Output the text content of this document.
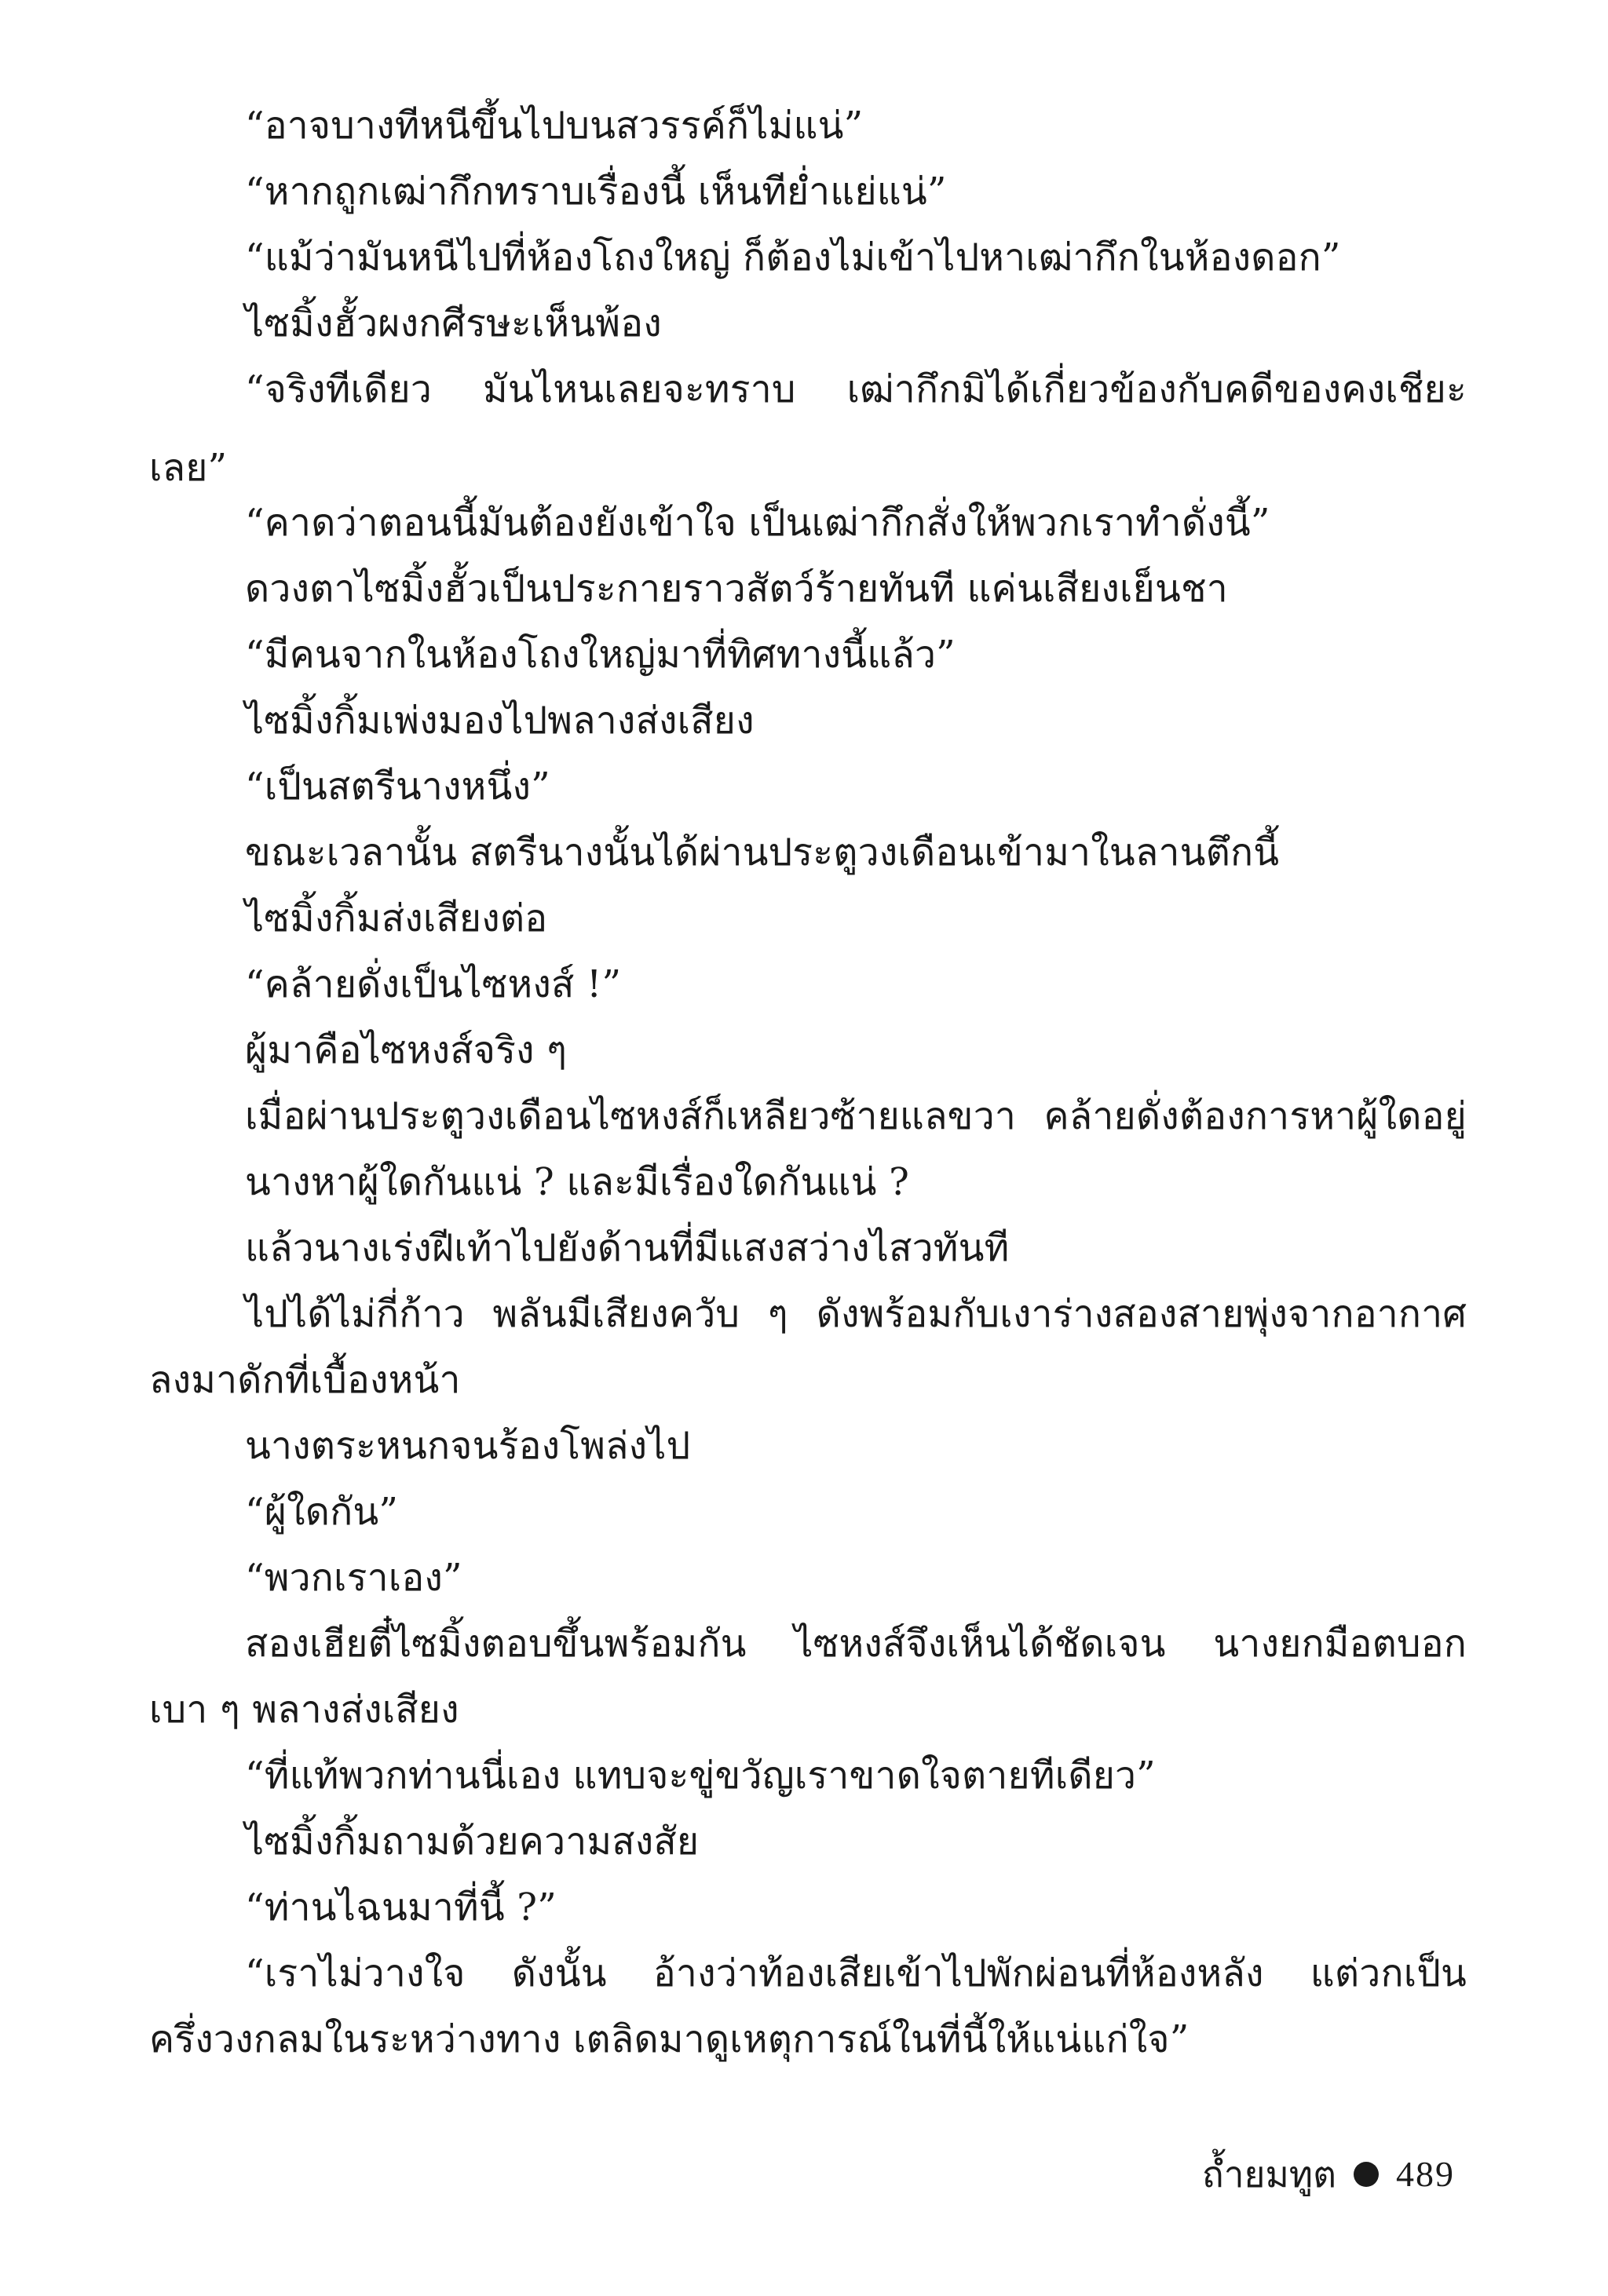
“อาจบางทีหนีขึ้นไปบนสวรรค์ก็ไม่แน่”
“หากถูกเฒ่ากึกทราบเรื่องนี้ เห็นทีย่ำแย่แน่”
“แม้ว่ามันหนีไปที่ห้องโถงใหญ่ ก็ต้องไม่เข้าไปหาเฒ่ากึกในห้องดอก”
ไซมิ้งฮั้วผงกศีรษะเห็นพ้อง
“จริงทีเดียว มันไหนเลยจะทราบ เฒ่ากึกมิได้เกี่ยวข้องกับคดีของคงเชียะ
เลย”
“คาดว่าตอนนี้มันต้องยังเข้าใจ เป็นเฒ่ากึกสั่งให้พวกเราทำดั่งนี้”
ดวงตาไซมิ้งฮั้วเป็นประกายราวสัตว์ร้ายทันที แค่นเสียงเย็นชา
“มีคนจากในห้องโถงใหญ่มาที่ทิศทางนี้แล้ว”
ไซมิ้งกิ้มเพ่งมองไปพลางส่งเสียง
“เป็นสตรีนางหนึ่ง”
ขณะเวลานั้น สตรีนางนั้นได้ผ่านประตูวงเดือนเข้ามาในลานตึกนี้
ไซมิ้งกิ้มส่งเสียงต่อ
“คล้ายดั่งเป็นไซหงส์ !”
ผู้มาคือไซหงส์จริง ๆ
เมื่อผ่านประตูวงเดือนไซหงส์ก็เหลียวซ้ายแลขวา คล้ายดั่งต้องการหาผู้ใดอยู่
นางหาผู้ใดกันแน่ ? และมีเรื่องใดกันแน่ ?
แล้วนางเร่งฝีเท้าไปยังด้านที่มีแสงสว่างไสวทันที
ไปได้ไม่กี่ก้าว พลันมีเสียงควับ ๆ ดังพร้อมกับเงาร่างสองสายพุ่งจากอากาศ
ลงมาดักที่เบื้องหน้า
นางตระหนกจนร้องโพล่งไป
“ผู้ใดกัน”
“พวกเราเอง”
สองเฮียตี๋ไซมิ้งตอบขึ้นพร้อมกัน ไซหงส์จึงเห็นได้ชัดเจน นางยกมือตบอก
เบา ๆ พลางส่งเสียง
“ที่แท้พวกท่านนี่เอง แทบจะขู่ขวัญเราขาดใจตายทีเดียว”
ไซมิ้งกิ้มถามด้วยความสงสัย
“ท่านไฉนมาที่นี้ ?”
“เราไม่วางใจ ดังนั้น อ้างว่าท้องเสียเข้าไปพักผ่อนที่ห้องหลัง แต่วกเป็น
ครึ่งวงกลมในระหว่างทาง เตลิดมาดูเหตุการณ์ในที่นี้ให้แน่แก่ใจ”
ถ้ำยมทูต 489
